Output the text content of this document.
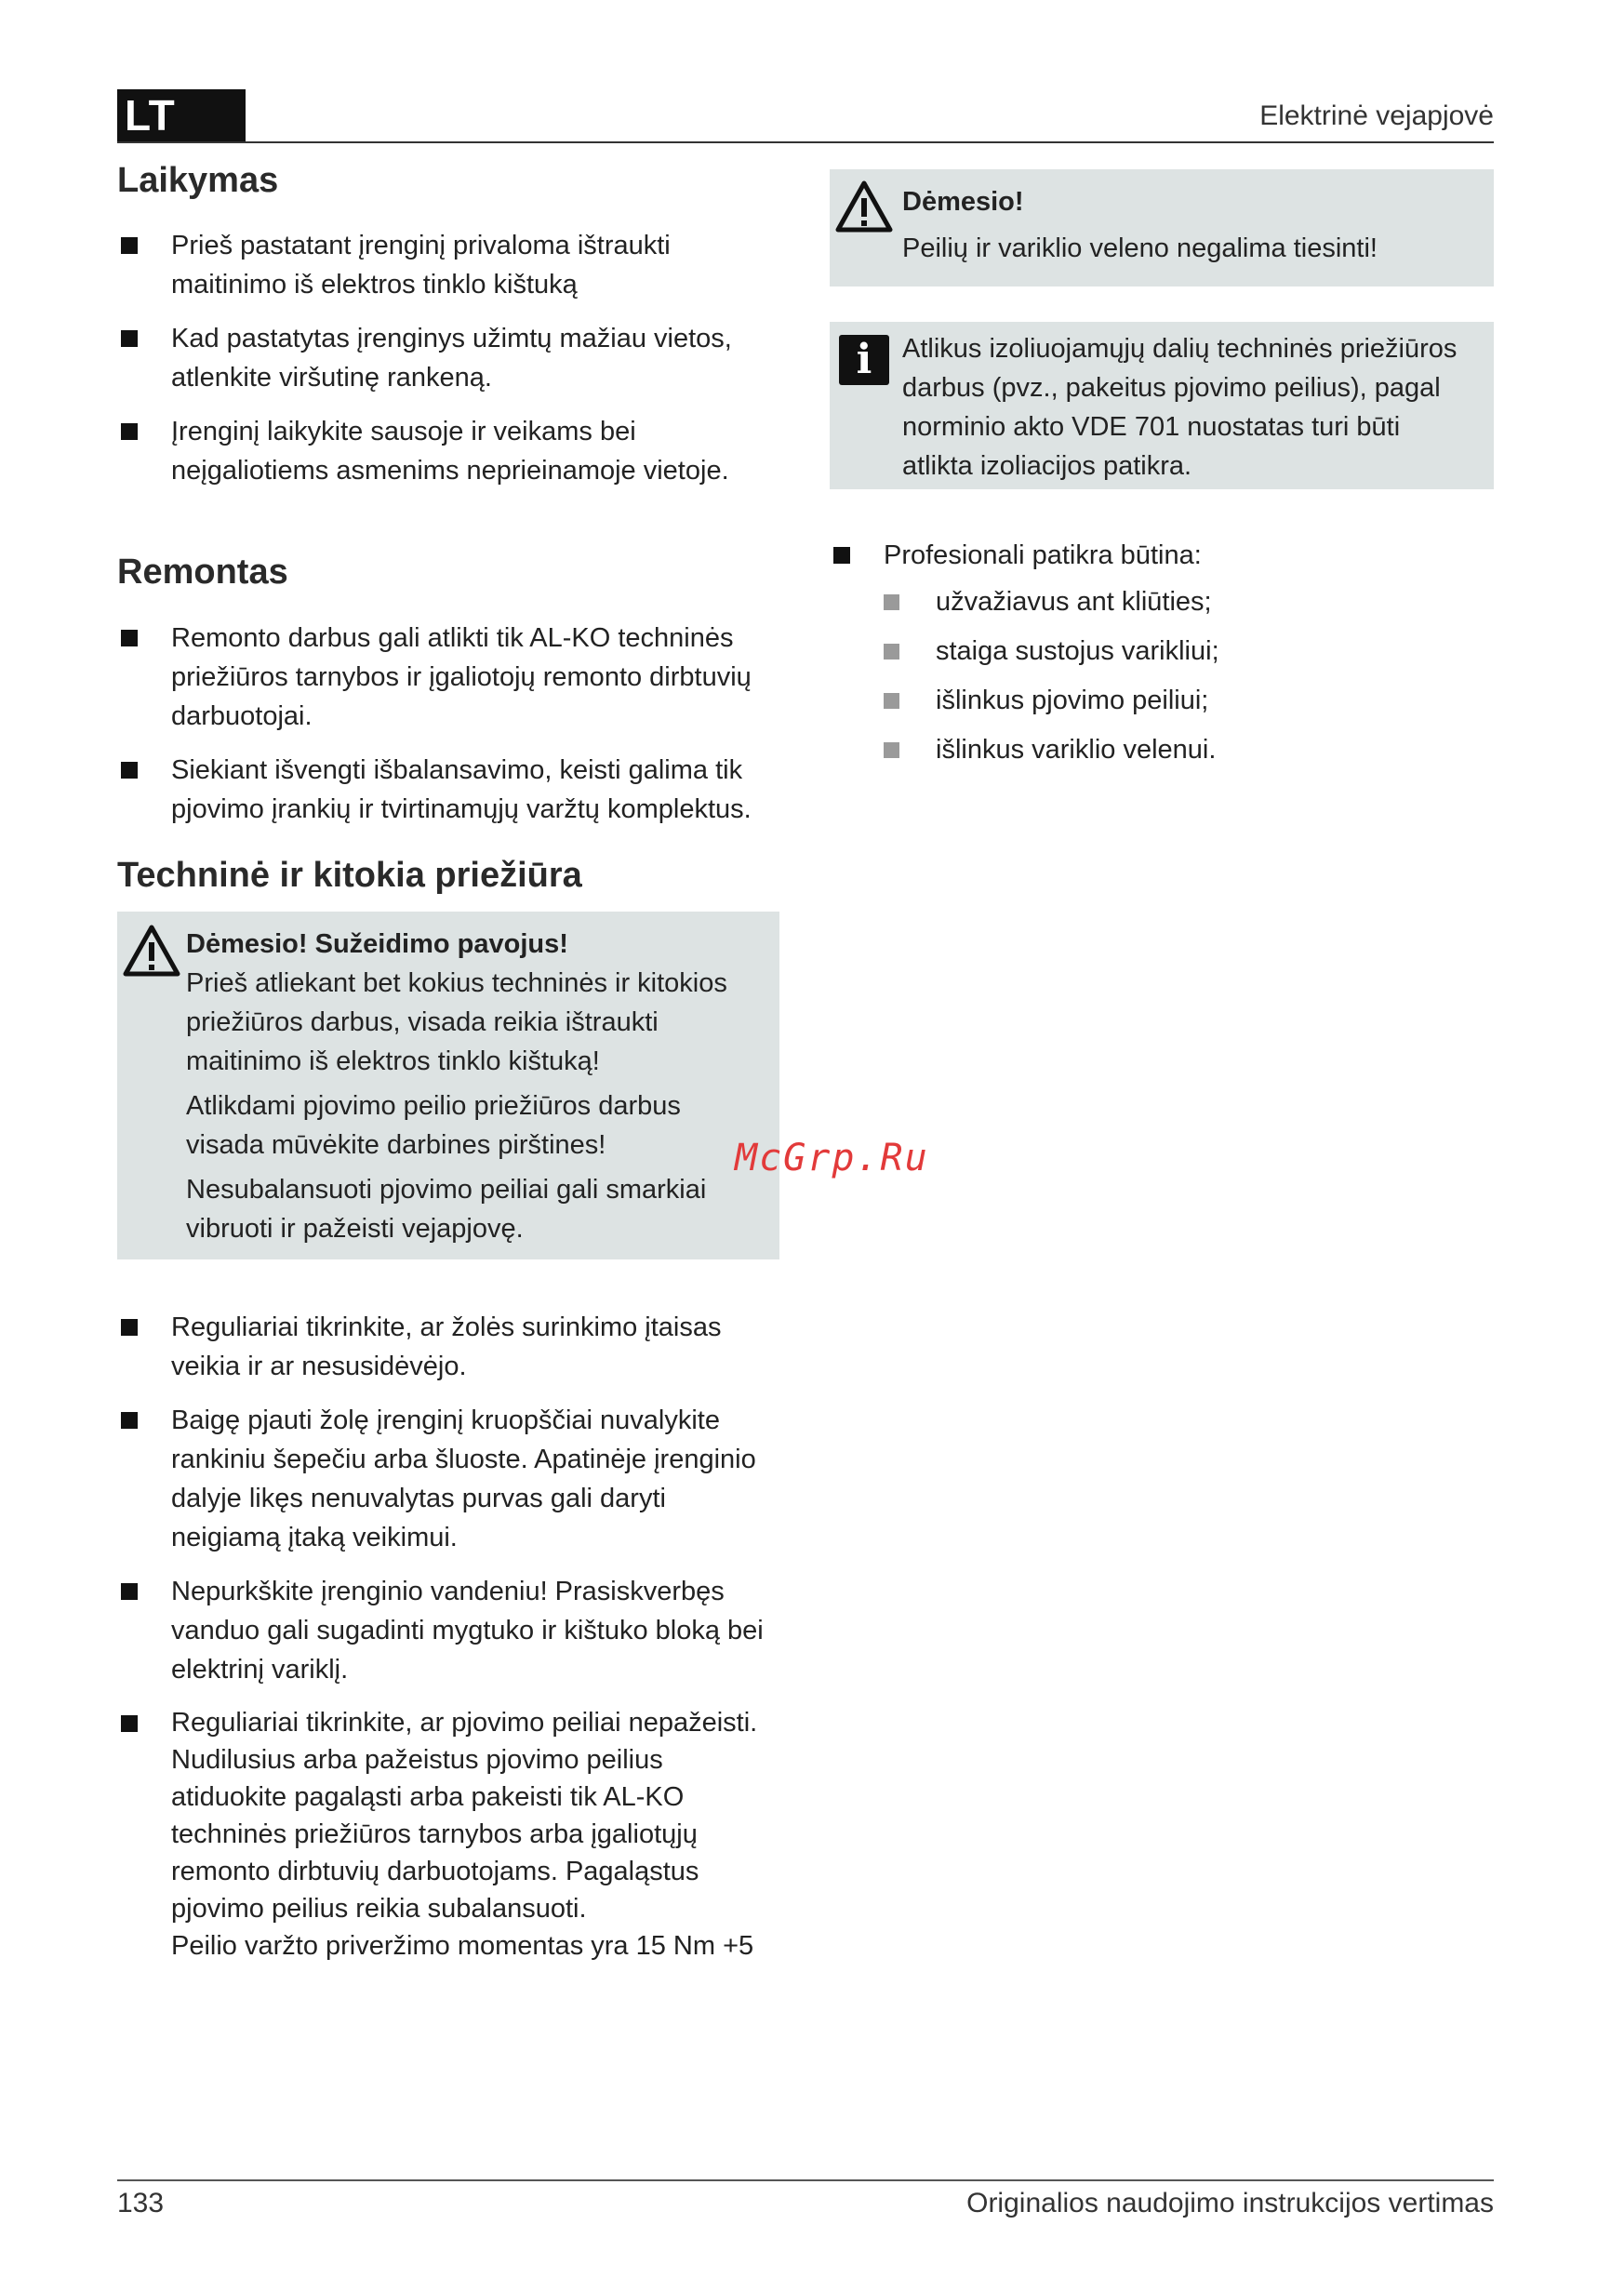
LT	Elektrinė vejapjovė
Laikymas
Prieš pastatant įrenginį privaloma ištraukti maitinimo iš elektros tinklo kištuką
Kad pastatytas įrenginys užimtų mažiau vietos, atlenkite viršutinę rankeną.
Įrenginį laikykite sausoje ir veikams bei neįgaliotiems asmenims neprieinamoje vietoje.
Remontas
Remonto darbus gali atlikti tik AL-KO techninės priežiūros tarnybos ir įgaliotojų remonto dirbtuvių darbuotojai.
Siekiant išvengti išbalansavimo, keisti galima tik pjovimo įrankių ir tvirtinamųjų varžtų komplektus.
Techninė ir kitokia priežiūra
Dėmesio! Sužeidimo pavojus!
Prieš atliekant bet kokius techninės ir kitokios priežiūros darbus, visada reikia ištraukti maitinimo iš elektros tinklo kištuką!
Atlikdami pjovimo peilio priežiūros darbus visada mūvėkite darbines pirštines!
Nesubalansuoti pjovimo peiliai gali smarkiai vibruoti ir pažeisti vejapjovę.
Reguliariai tikrinkite, ar žolės surinkimo įtaisas veikia ir ar nesusidėvėjo.
Baigę pjauti žolę įrenginį kruopščiai nuvalykite rankiniu šepečiu arba šluoste. Apatinėje įrenginio dalyje likęs nenuvalytas purvas gali daryti neigiamą įtaką veikimui.
Nepurkškite įrenginio vandeniu! Prasiskverbęs vanduo gali sugadinti mygtuko ir kištuko bloką bei elektrinį variklį.
Reguliariai tikrinkite, ar pjovimo peiliai nepažeisti.
Nudilusius arba pažeistus pjovimo peilius atiduokite pagaląsti arba pakeisti tik AL-KO techninės priežiūros tarnybos arba įgaliotųjų remonto dirbtuvių darbuotojams. Pagaląstus pjovimo peilius reikia subalansuoti.
Peilio varžto priveržimo momentas yra 15 Nm +5
Dėmesio!
Peilių ir variklio veleno negalima tiesinti!
i	Atlikus izoliuojamųjų dalių techninės priežiūros darbus (pvz., pakeitus pjovimo peilius), pagal norminio akto VDE 701 nuostatas turi būti atlikta izoliacijos patikra.
Profesionali patikra būtina:
užvažiavus ant kliūties;
staiga sustojus varikliui;
išlinkus pjovimo peiliui;
išlinkus variklio velenui.
McGrp.Ru
133	Originalios naudojimo instrukcijos vertimas
